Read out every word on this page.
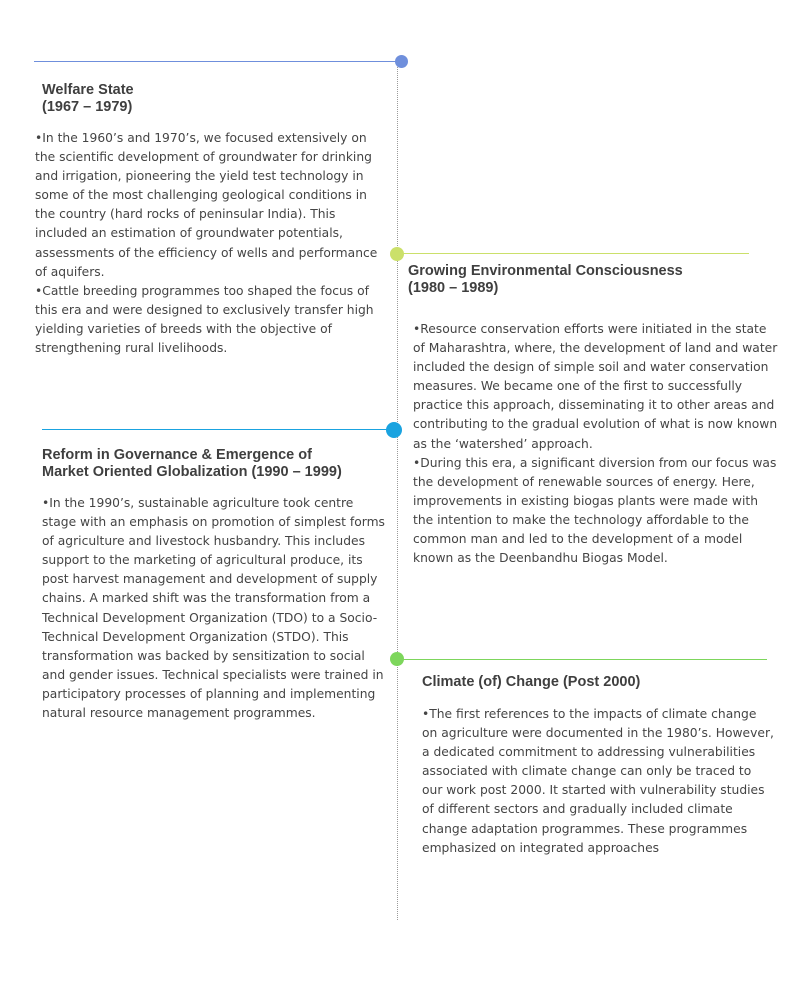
Welfare State
(1967 – 1979)

•In the 1960’s and 1970’s, we focused extensively on the scientific development of groundwater for drinking and irrigation, pioneering the yield test technology in some of the most challenging geological conditions in the country (hard rocks of peninsular India). This included an estimation of groundwater potentials, assessments of the efficiency of wells and performance of aquifers.

•Cattle breeding programmes too shaped the focus of this era and were designed to exclusively transfer high yielding varieties of breeds with the objective of strengthening rural livelihoods.

Growing Environmental Consciousness
(1980 – 1989)

•Resource conservation efforts were initiated in the state of Maharashtra, where, the development of land and water included the design of simple soil and water conservation measures. We became one of the first to successfully practice this approach, disseminating it to other areas and contributing to the gradual evolution of what is now known as the ‘watershed’ approach.

•During this era, a significant diversion from our focus was the development of renewable sources of energy. Here, improvements in existing biogas plants were made with the intention to make the technology affordable to the common man and led to the development of a model known as the Deenbandhu Biogas Model.

Reform in Governance & Emergence of
Market Oriented Globalization (1990 – 1999)

•In the 1990’s, sustainable agriculture took centre stage with an emphasis on promotion of simplest forms of agriculture and livestock husbandry. This includes support to the marketing of agricultural produce, its post harvest management and development of supply chains. A marked shift was the transformation from a Technical Development Organization (TDO) to a Socio-Technical Development Organization (STDO). This transformation was backed by sensitization to social and gender issues. Technical specialists were trained in participatory processes of planning and implementing natural resource management programmes.

Climate (of) Change (Post 2000)

•The first references to the impacts of climate change on agriculture were documented in the 1980’s. However, a dedicated commitment to addressing vulnerabilities associated with climate change can only be traced to our work post 2000. It started with vulnerability studies of different sectors and gradually included climate change adaptation programmes. These programmes emphasized on integrated approaches
